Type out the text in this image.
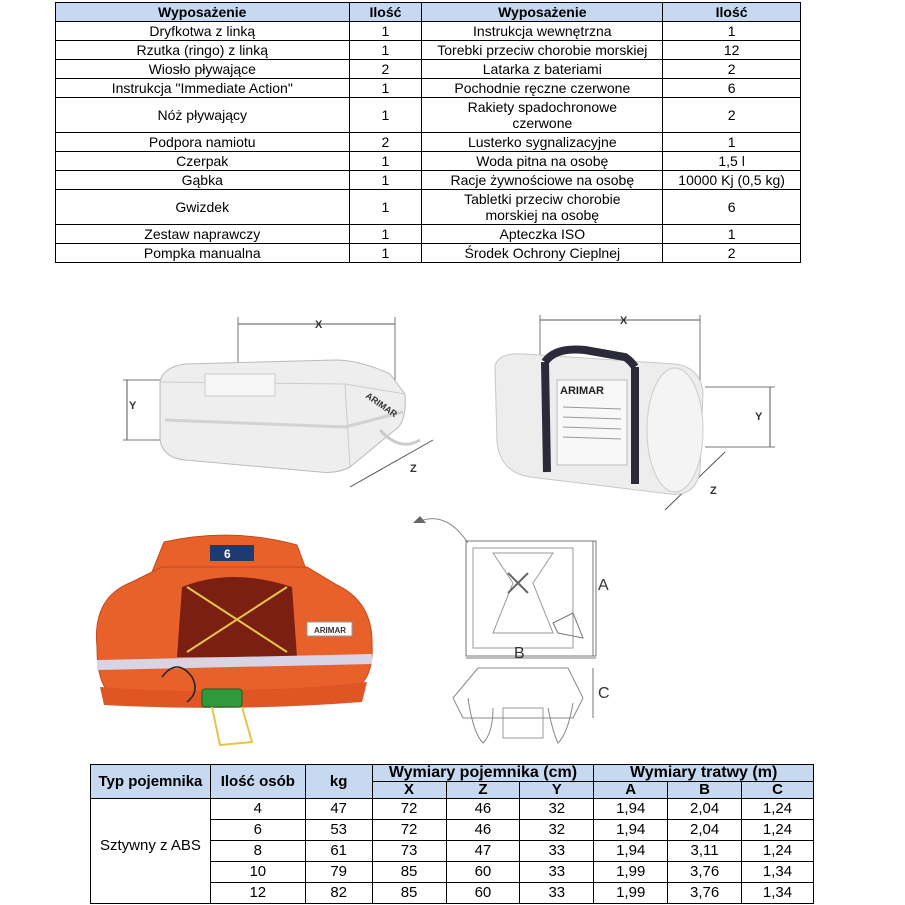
Wyposażenie	Ilość	Wyposażenie	Ilość
Dryfkotwa z linką	1	Instrukcja wewnętrzna	1
Rzutka (ringo) z linką	1	Torebki przeciw chorobie morskiej	12
Wiosło pływające	2	Latarka z bateriami	2
Instrukcja "Immediate Action"	1	Pochodnie ręczne czerwone	6
Nóż pływający	1	Rakiety spadochronowe czerwone	2
Podpora namiotu	2	Lusterko sygnalizacyjne	1
Czerpak	1	Woda pitna na osobę	1,5 l
Gąbka	1	Racje żywnościowe na osobę	10000 Kj (0,5 kg)
Gwizdek	1	Tabletki przeciw chorobie morskiej na osobę	6
Zestaw naprawczy	1	Apteczka ISO	1
Pompka manualna	1	Środek Ochrony Cieplnej	2
X
Y
Z
ARIMAR
X
Y
Z
ARIMAR
6
ARIMAR
A
B
C
Typ pojemnika	Ilość osób	kg	Wymiary pojemnika (cm)			Wymiary tratwy (m)		
			X	Z	Y	A	B	C
Sztywny z ABS	4	47	72	46	32	1,94	2,04	1,24
	6	53	72	46	32	1,94	2,04	1,24
	8	61	73	47	33	1,94	3,11	1,24
	10	79	85	60	33	1,99	3,76	1,34
	12	82	85	60	33	1,99	3,76	1,34
